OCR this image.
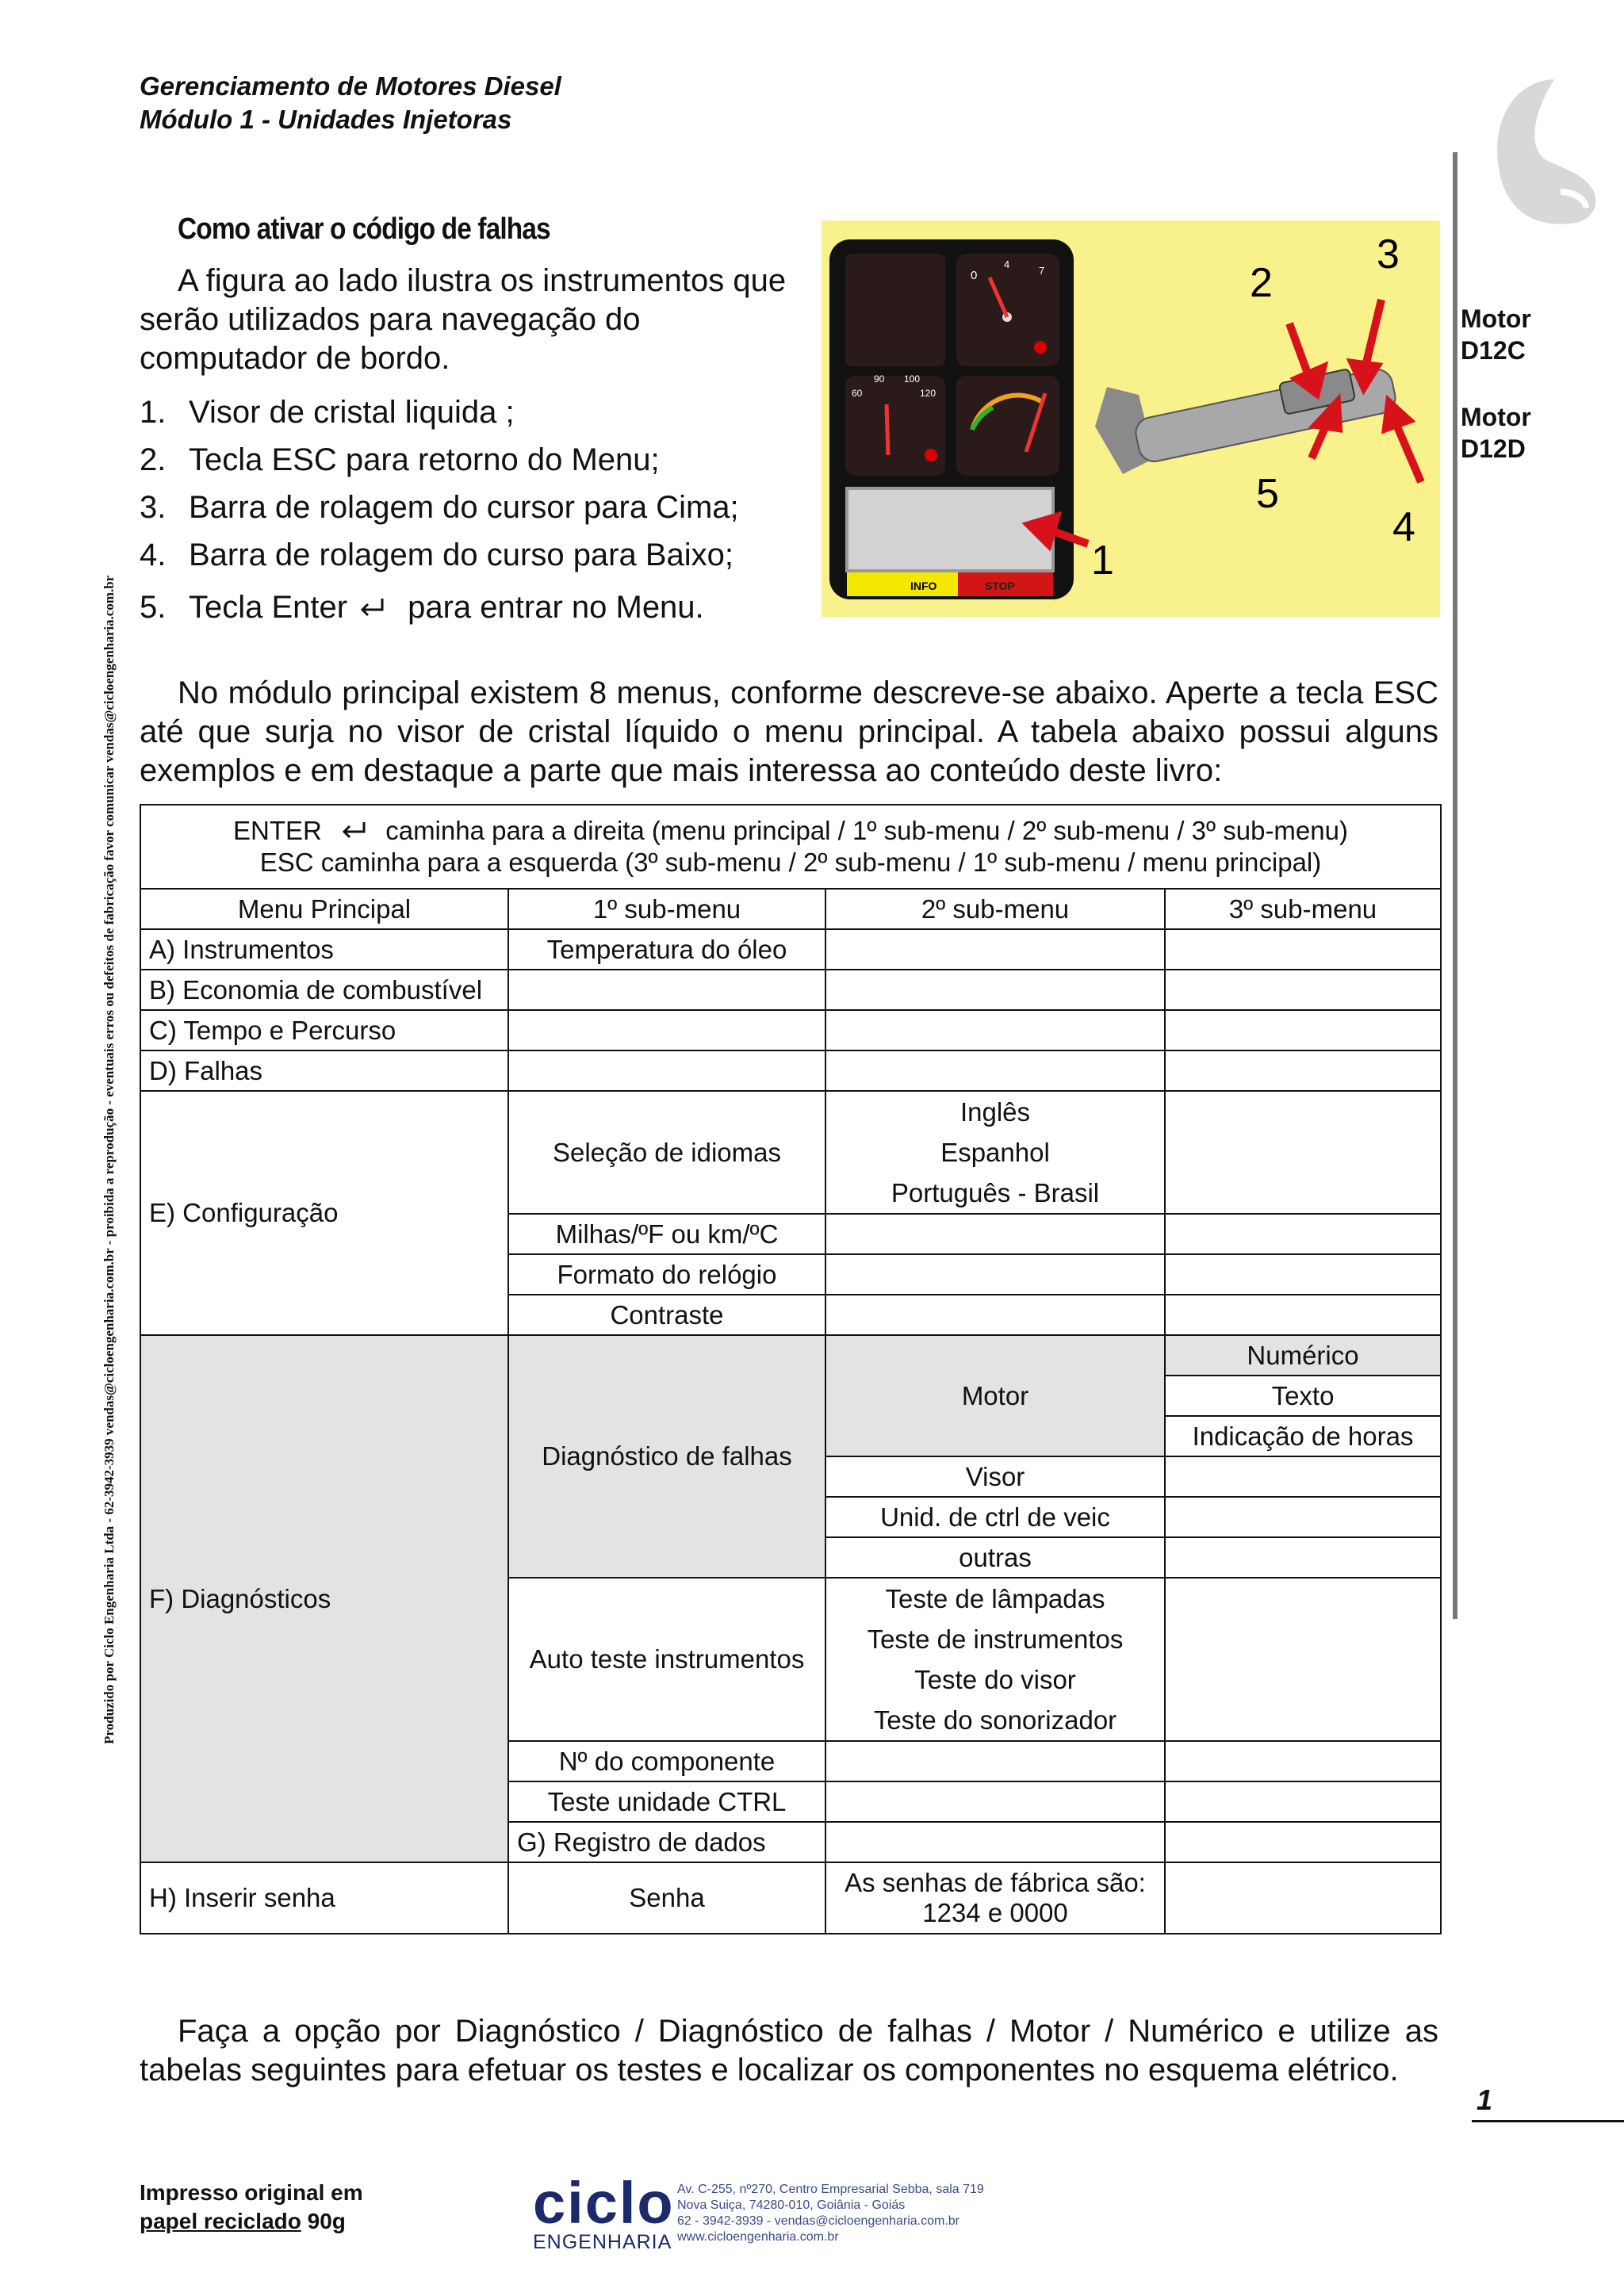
Gerenciamento de Motores Diesel
Módulo 1 - Unidades Injetoras
Motor
D12C
Motor
D12D
Como ativar o código de falhas
A figura ao lado ilustra os instrumentos que serão utilizados para navegação do computador de bordo.
1. Visor de cristal liquida ;
2. Tecla ESC para retorno do Menu;
3. Barra de rolagem do cursor para Cima;
4. Barra de rolagem do curso para Baixo;
5. Tecla Enter para entrar no Menu.
0
4
7
60
90 100
120
INFO	STOP
1
2
3
4
5
No módulo principal existem 8 menus, conforme descreve-se abaixo. Aperte a tecla ESC até que surja no visor de cristal líquido o menu principal. A tabela abaixo possui alguns exemplos e em destaque a parte que mais interessa ao conteúdo deste livro:
ENTER caminha para a direita (menu principal / 1º sub-menu / 2º sub-menu / 3º sub-menu)
ESC caminha para a esquerda (3º sub-menu / 2º sub-menu / 1º sub-menu / menu principal)				

Menu Principal	1º sub-menu	2º sub-menu	3º sub-menu	
A) Instrumentos	Temperatura do óleo			
B) Economia de combustível				
C) Tempo e Percurso				
D) Falhas				
E) Configuração	Seleção de idiomas	Inglês
Espanhol
Português - Brasil		

	Milhas/ºF ou km/ºC			
	Formato do relógio			
	Contraste			
F) Diagnósticos	Diagnóstico de falhas	Motor	Numérico	
			Texto	
			Indicação de horas	
		Visor		
		Unid. de ctrl de veic		
		outras		
	Auto teste instrumentos	Teste de lâmpadas
Teste de instrumentos
Teste do visor
Teste do sonorizador		

	Nº do componente			
	Teste unidade CTRL			
	G) Registro de dados			
H) Inserir senha	Senha	As senhas de fábrica são:
1234 e 0000		

Faça a opção por Diagnóstico / Diagnóstico de falhas / Motor / Numérico e utilize as tabelas seguintes para efetuar os testes e localizar os componentes no esquema elétrico.
1
Produzido por Ciclo Engenharia Ltda - 62-3942-3939 vendas@cicloengenharia.com.br - proibida a reprodução - eventuais erros ou defeitos de fabricação favor comunicar vendas@cicloengenharia.com.br
Impresso original em
papel reciclado 90g	ciclo
ENGENHARIA
Av. C-255, nº270, Centro Empresarial Sebba, sala 719
Nova Suiça, 74280-010, Goiânia - Goiás
62 - 3942-3939 - vendas@cicloengenharia.com.br
www.cicloengenharia.com.br
